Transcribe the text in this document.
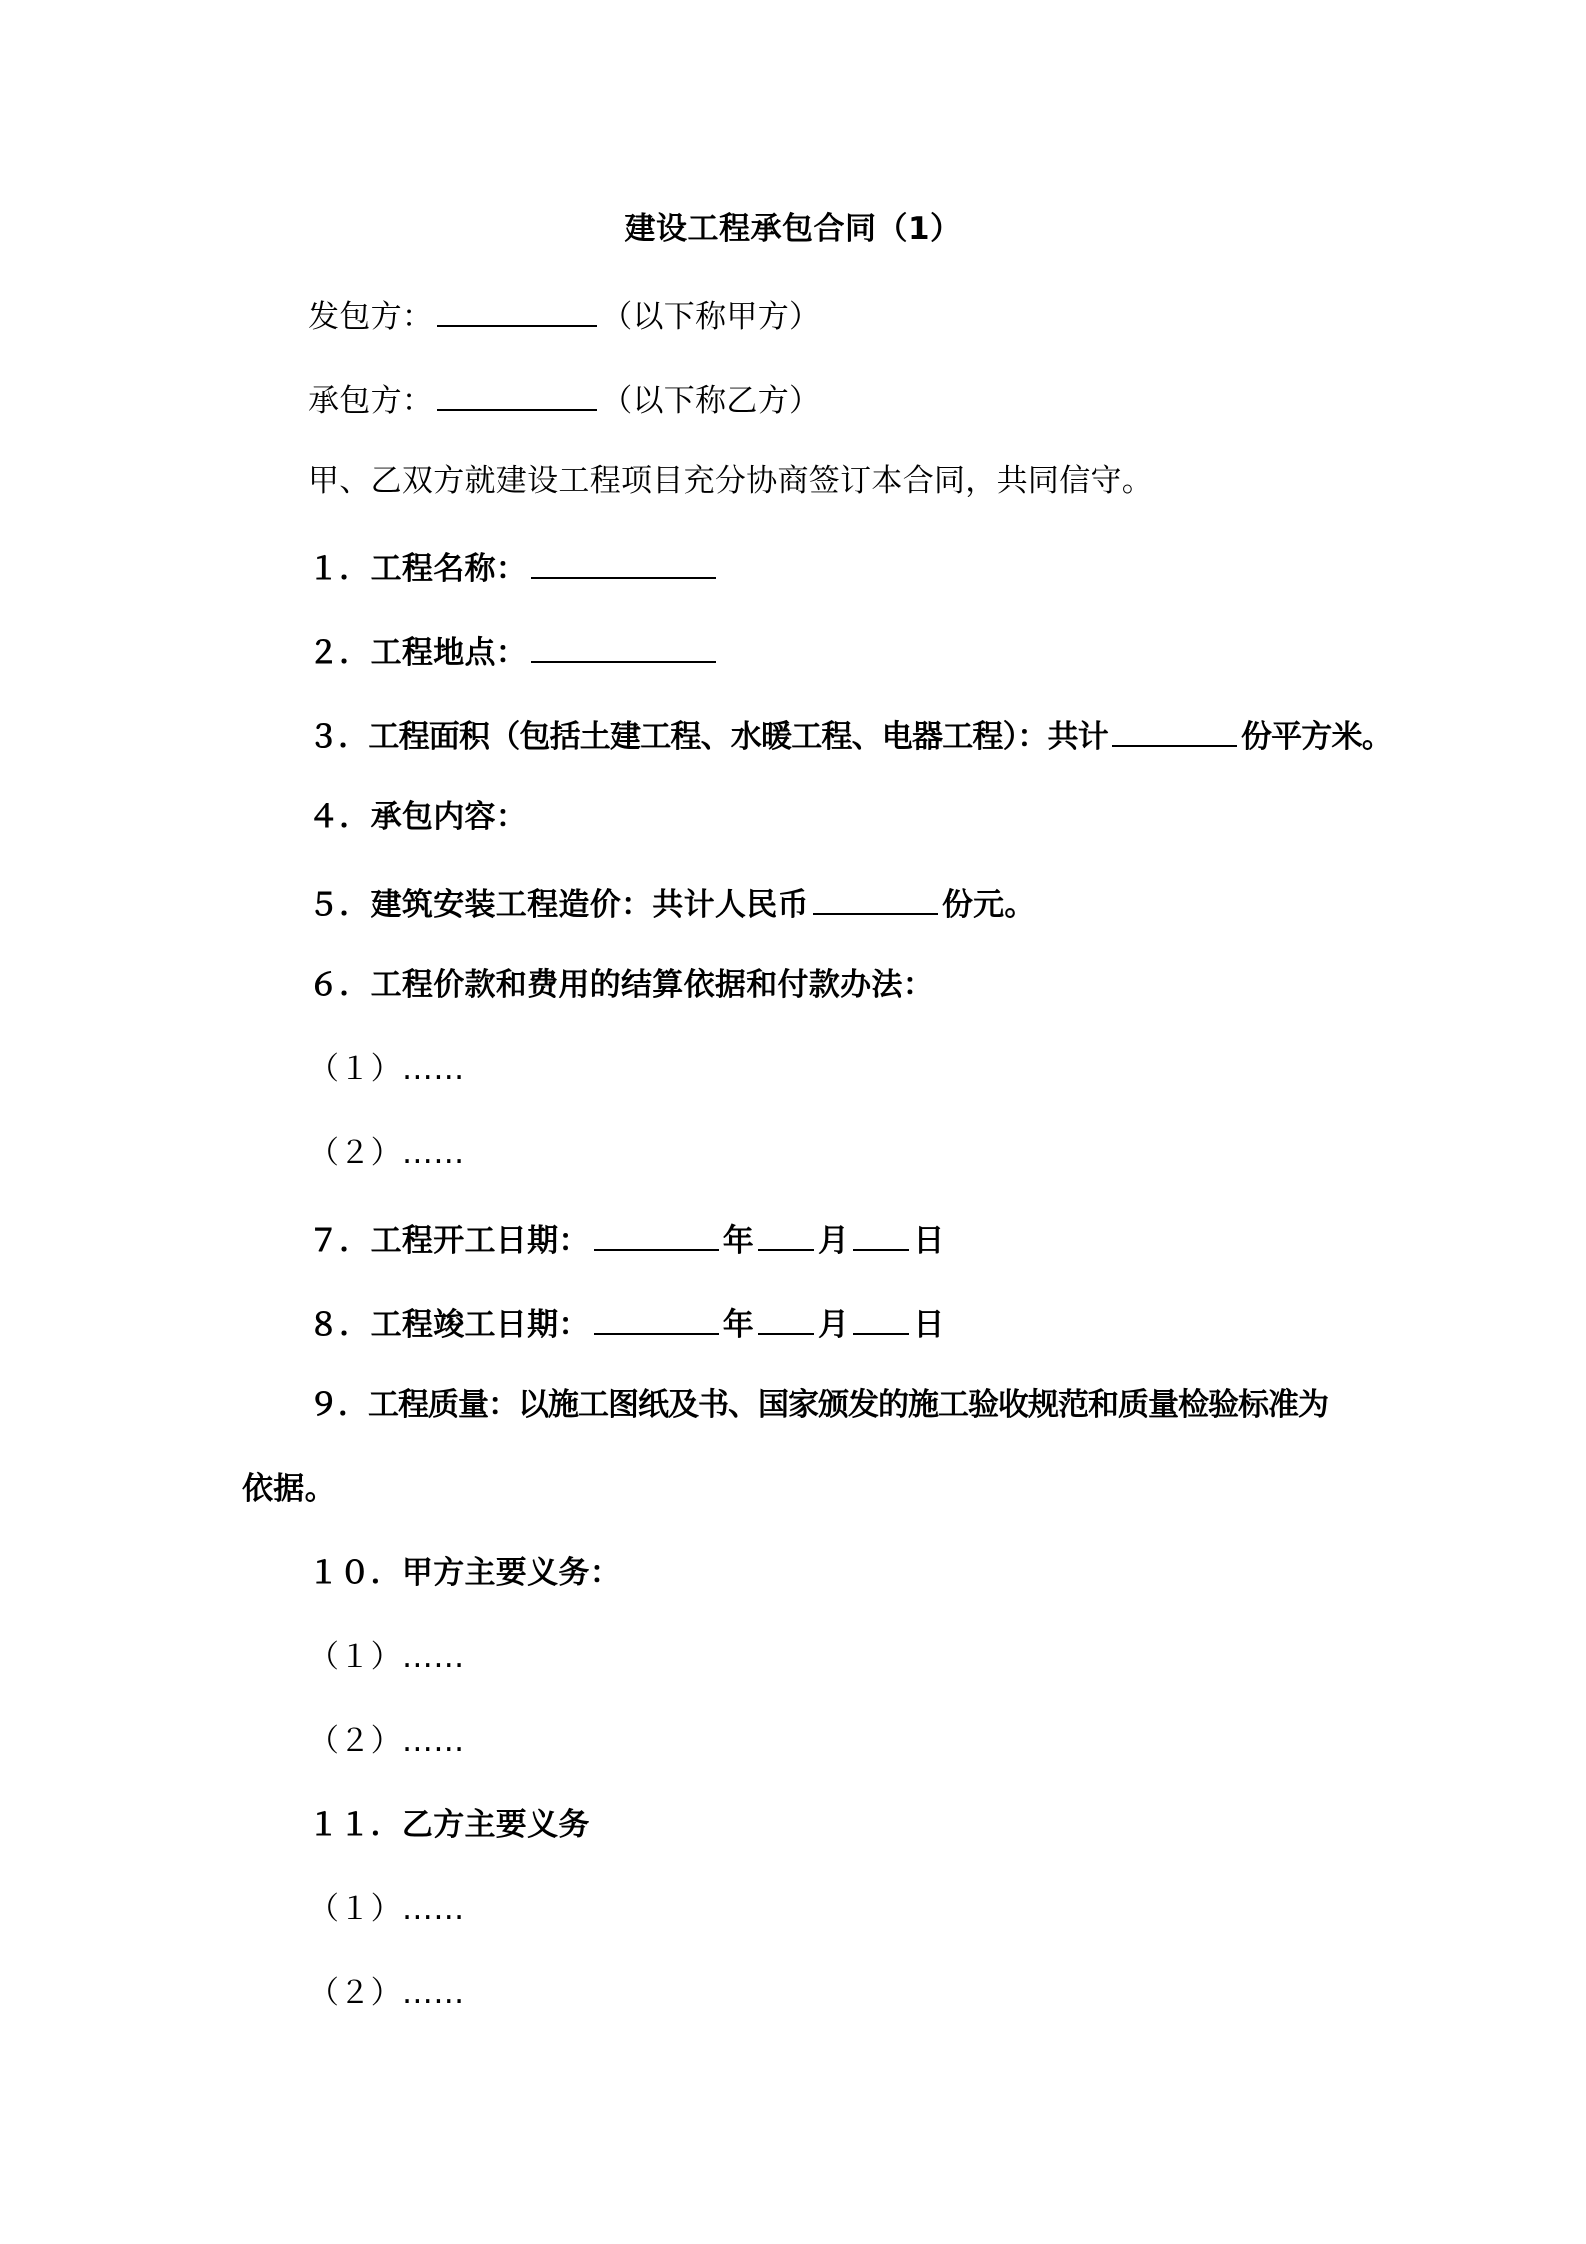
建设工程承包合同（1）
发包方：	（以下称甲方）
承包方：	（以下称乙方）
甲、乙双方就建设工程项目充分协商签订本合同，共同信守。
１．工程名称：
２．工程地点：
３．工程面积（包括土建工程、水暖工程、电器工程）：共计	份平方米。
４．承包内容：
５．建筑安装工程造价：共计人民币	份元。
６．工程价款和费用的结算依据和付款办法：
（１）……
（２）……
７．工程开工日期：	年 月 日
８．工程竣工日期：	年 月 日
９．工程质量：以施工图纸及书、国家颁发的施工验收规范和质量检验标准为
依据。
１０．甲方主要义务：
（１）……
（２）……
１１．乙方主要义务
（１）……
（２）……
